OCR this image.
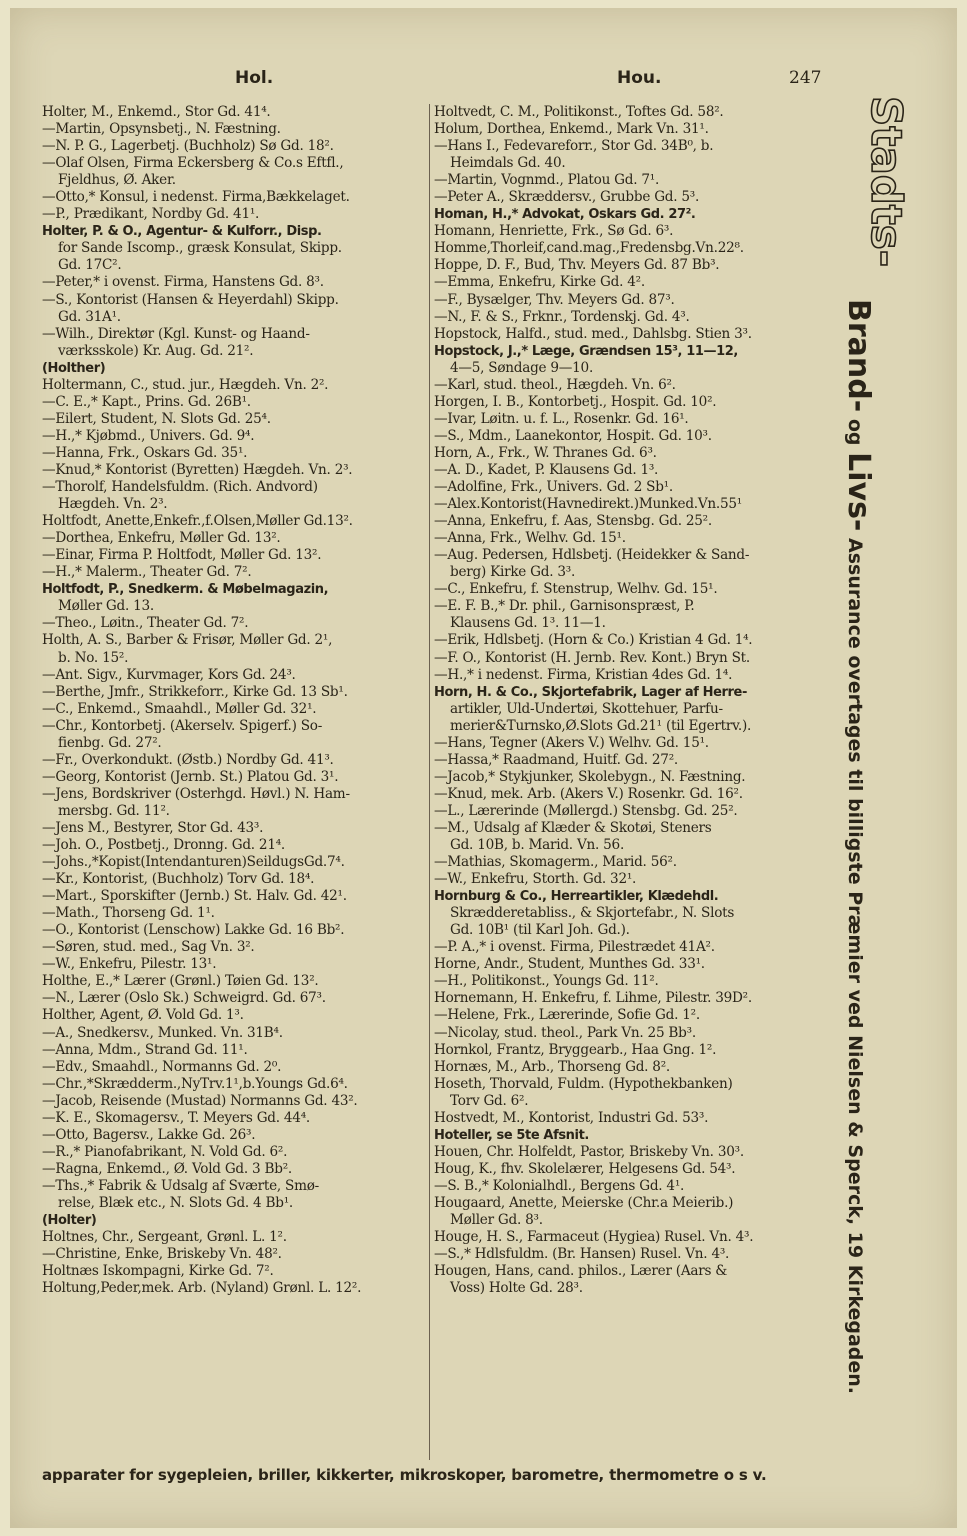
Hol.	Hou.	247

Holter, M., Enkemd., Stor Gd. 41⁴.

—Martin, Opsynsbetj., N. Fæstning.

—N. P. G., Lagerbetj. (Buchholz) Sø Gd. 18².

—Olaf Olsen, Firma Eckersberg & Co.s Eftfl.,

Fjeldhus, Ø. Aker.

—Otto,* Konsul, i nedenst. Firma,Bækkelaget.

—P., Prædikant, Nordby Gd. 41¹.

Holter, P. & O., Agentur- & Kulforr., Disp.

for Sande Iscomp., græsk Konsulat, Skipp.

Gd. 17C².

—Peter,* i ovenst. Firma, Hanstens Gd. 8³.

—S., Kontorist (Hansen & Heyerdahl) Skipp.

Gd. 31A¹.

—Wilh., Direktør (Kgl. Kunst- og Haand-

værksskole) Kr. Aug. Gd. 21².

(Holther)

Holtermann, C., stud. jur., Hægdeh. Vn. 2².

—C. E.,* Kapt., Prins. Gd. 26B¹.

—Eilert, Student, N. Slots Gd. 25⁴.

—H.,* Kjøbmd., Univers. Gd. 9⁴.

—Hanna, Frk., Oskars Gd. 35¹.

—Knud,* Kontorist (Byretten) Hægdeh. Vn. 2³.

—Thorolf, Handelsfuldm. (Rich. Andvord)

Hægdeh. Vn. 2³.

Holtfodt, Anette,Enkefr.,f.Olsen,Møller Gd.13².

—Dorthea, Enkefru, Møller Gd. 13².

—Einar, Firma P. Holtfodt, Møller Gd. 13².

—H.,* Malerm., Theater Gd. 7².

Holtfodt, P., Snedkerm. & Møbelmagazin,

Møller Gd. 13.

—Theo., Løitn., Theater Gd. 7².

Holth, A. S., Barber & Frisør, Møller Gd. 2¹,

b. No. 15².

—Ant. Sigv., Kurvmager, Kors Gd. 24³.

—Berthe, Jmfr., Strikkeforr., Kirke Gd. 13 Sb¹.

—C., Enkemd., Smaahdl., Møller Gd. 32¹.

—Chr., Kontorbetj. (Akerselv. Spigerf.) So-

fienbg. Gd. 27².

—Fr., Overkondukt. (Østb.) Nordby Gd. 41³.

—Georg, Kontorist (Jernb. St.) Platou Gd. 3¹.

—Jens, Bordskriver (Osterhgd. Høvl.) N. Ham-

mersbg. Gd. 11².

—Jens M., Bestyrer, Stor Gd. 43³.

—Joh. O., Postbetj., Dronng. Gd. 21⁴.

—Johs.,*Kopist(Intendanturen)SeildugsGd.7⁴.

—Kr., Kontorist, (Buchholz) Torv Gd. 18⁴.

—Mart., Sporskifter (Jernb.) St. Halv. Gd. 42¹.

—Math., Thorseng Gd. 1¹.

—O., Kontorist (Lenschow) Lakke Gd. 16 Bb².

—Søren, stud. med., Sag Vn. 3².

—W., Enkefru, Pilestr. 13¹.

Holthe, E.,* Lærer (Grønl.) Tøien Gd. 13².

—N., Lærer (Oslo Sk.) Schweigrd. Gd. 67³.

Holther, Agent, Ø. Vold Gd. 1³.

—A., Snedkersv., Munked. Vn. 31B⁴.

—Anna, Mdm., Strand Gd. 11¹.

—Edv., Smaahdl., Normanns Gd. 2⁰.

—Chr.,*Skrædderm.,NyTrv.1¹,b.Youngs Gd.6⁴.

—Jacob, Reisende (Mustad) Normanns Gd. 43².

—K. E., Skomagersv., T. Meyers Gd. 44⁴.

—Otto, Bagersv., Lakke Gd. 26³.

—R.,* Pianofabrikant, N. Vold Gd. 6².

—Ragna, Enkemd., Ø. Vold Gd. 3 Bb².

—Ths.,* Fabrik & Udsalg af Sværte, Smø-

relse, Blæk etc., N. Slots Gd. 4 Bb¹.

(Holter)

Holtnes, Chr., Sergeant, Grønl. L. 1².

—Christine, Enke, Briskeby Vn. 48².

Holtnæs Iskompagni, Kirke Gd. 7².

Holtung,Peder,mek. Arb. (Nyland) Grønl. L. 12².

Holtvedt, C. M., Politikonst., Toftes Gd. 58².

Holum, Dorthea, Enkemd., Mark Vn. 31¹.

—Hans I., Fedevareforr., Stor Gd. 34B⁰, b.

Heimdals Gd. 40.

—Martin, Vognmd., Platou Gd. 7¹.

—Peter A., Skræddersv., Grubbe Gd. 5³.

Homan, H.,* Advokat, Oskars Gd. 27².

Homann, Henriette, Frk., Sø Gd. 6³.

Homme,Thorleif,cand.mag.,Fredensbg.Vn.22⁸.

Hoppe, D. F., Bud, Thv. Meyers Gd. 87 Bb³.

—Emma, Enkefru, Kirke Gd. 4².

—F., Bysælger, Thv. Meyers Gd. 87³.

—N., F. & S., Frknr., Tordenskj. Gd. 4³.

Hopstock, Halfd., stud. med., Dahlsbg. Stien 3³.

Hopstock, J.,* Læge, Grændsen 15³, 11—12,

4—5, Søndage 9—10.

—Karl, stud. theol., Hægdeh. Vn. 6².

Horgen, I. B., Kontorbetj., Hospit. Gd. 10².

—Ivar, Løitn. u. f. L., Rosenkr. Gd. 16¹.

—S., Mdm., Laanekontor, Hospit. Gd. 10³.

Horn, A., Frk., W. Thranes Gd. 6³.

—A. D., Kadet, P. Klausens Gd. 1³.

—Adolfine, Frk., Univers. Gd. 2 Sb¹.

—Alex.Kontorist(Havnedirekt.)Munked.Vn.55¹

—Anna, Enkefru, f. Aas, Stensbg. Gd. 25².

—Anna, Frk., Welhv. Gd. 15¹.

—Aug. Pedersen, Hdlsbetj. (Heidekker & Sand-

berg) Kirke Gd. 3³.

—C., Enkefru, f. Stenstrup, Welhv. Gd. 15¹.

—E. F. B.,* Dr. phil., Garnisonspræst, P.

Klausens Gd. 1³. 11—1.

—Erik, Hdlsbetj. (Horn & Co.) Kristian 4 Gd. 1⁴.

—F. O., Kontorist (H. Jernb. Rev. Kont.) Bryn St.

—H.,* i nedenst. Firma, Kristian 4des Gd. 1⁴.

Horn, H. & Co., Skjortefabrik, Lager af Herre-

artikler, Uld-Undertøi, Skottehuer, Parfu-

merier&Turnsko,Ø.Slots Gd.21¹ (til Egertrv.).

—Hans, Tegner (Akers V.) Welhv. Gd. 15¹.

—Hassa,* Raadmand, Huitf. Gd. 27².

—Jacob,* Stykjunker, Skolebygn., N. Fæstning.

—Knud, mek. Arb. (Akers V.) Rosenkr. Gd. 16².

—L., Lærerinde (Møllergd.) Stensbg. Gd. 25².

—M., Udsalg af Klæder & Skotøi, Steners

Gd. 10B, b. Marid. Vn. 56.

—Mathias, Skomagerm., Marid. 56².

—W., Enkefru, Storth. Gd. 32¹.

Hornburg & Co., Herreartikler, Klædehdl.

Skrædderetabliss., & Skjortefabr., N. Slots

Gd. 10B¹ (til Karl Joh. Gd.).

—P. A.,* i ovenst. Firma, Pilestrædet 41A².

Horne, Andr., Student, Munthes Gd. 33¹.

—H., Politikonst., Youngs Gd. 11².

Hornemann, H. Enkefru, f. Lihme, Pilestr. 39D².

—Helene, Frk., Lærerinde, Sofie Gd. 1².

—Nicolay, stud. theol., Park Vn. 25 Bb³.

Hornkol, Frantz, Bryggearb., Haa Gng. 1².

Hornæs, M., Arb., Thorseng Gd. 8².

Hoseth, Thorvald, Fuldm. (Hypothekbanken)

Torv Gd. 6².

Hostvedt, M., Kontorist, Industri Gd. 53³.

Hoteller, se 5te Afsnit.

Houen, Chr. Holfeldt, Pastor, Briskeby Vn. 30³.

Houg, K., fhv. Skolelærer, Helgesens Gd. 54³.

—S. B.,* Kolonialhdl., Bergens Gd. 4¹.

Hougaard, Anette, Meierske (Chr.a Meierib.)

Møller Gd. 8³.

Houge, H. S., Farmaceut (Hygiea) Rusel. Vn. 4³.

—S.,* Hdlsfuldm. (Br. Hansen) Rusel. Vn. 4³.

Hougen, Hans, cand. philos., Lærer (Aars &

Voss) Holte Gd. 28³.

Stadts-
Brand- og Livs- Assurance overtages til billigste Præmier ved Nielsen & Sperck, 19 Kirkegaden.
apparater for sygepleien, briller, kikkerter, mikroskoper, barometre, thermometre o s v.
